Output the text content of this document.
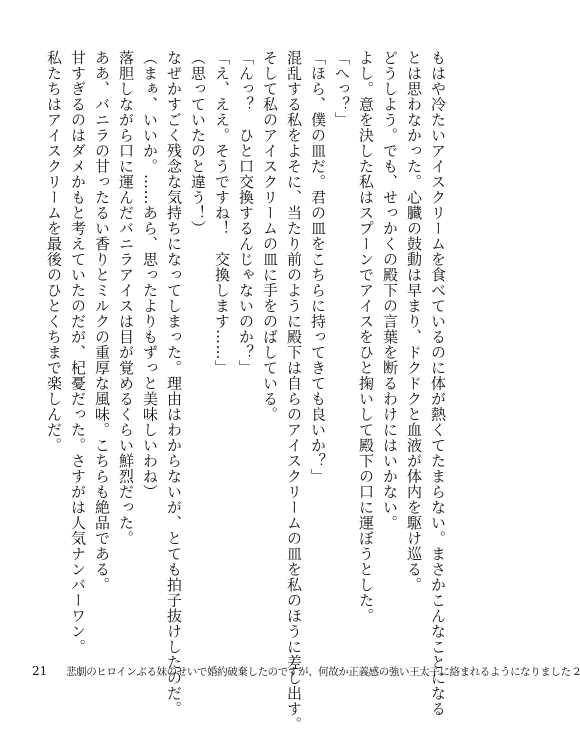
もはや冷たいアイスクリームを食べているのに体が熱くてたまらない。まさかこんなことになる
とは思わなかった。心臓の鼓動は早まり、ドクドクと血液が体内を駆け巡る。
どうしよう。でも、せっかくの殿下の言葉を断るわけにはいかない。
よし。意を決した私はスプーンでアイスをひと掬いして殿下の口に運ぼうとした。
「へっ？」
「ほら、僕の皿だ。君の皿をこちらに持ってきても良いか？」
混乱する私をよそに、当たり前のように殿下は自らのアイスクリームの皿を私のほうに差し出す。
そして私のアイスクリームの皿に手をのばしている。
「んっ？　ひと口交換するんじゃないのか？」
「え、ええ。そうですね！　交換します……」
（思っていたのと違う！）
なぜかすごく残念な気持ちになってしまった。理由はわからないが、とても拍子抜けしたのだ。
（まぁ、いいか。……あら、思ったよりもずっと美味しいわね）
落胆しながら口に運んだバニラアイスは目が覚めるくらい鮮烈だった。
ああ、バニラの甘ったるい香りとミルクの重厚な風味。こちらも絶品である。
甘すぎるのはダメかもと考えていたのだが、杞憂だった。さすがは人気ナンバーワン。
私たちはアイスクリームを最後のひとくちまで楽しんだ。
21	悲劇のヒロインぶる妹のせいで婚約破棄したのですが、何故か正義感の強い王太子に絡まれるようになりました 2
